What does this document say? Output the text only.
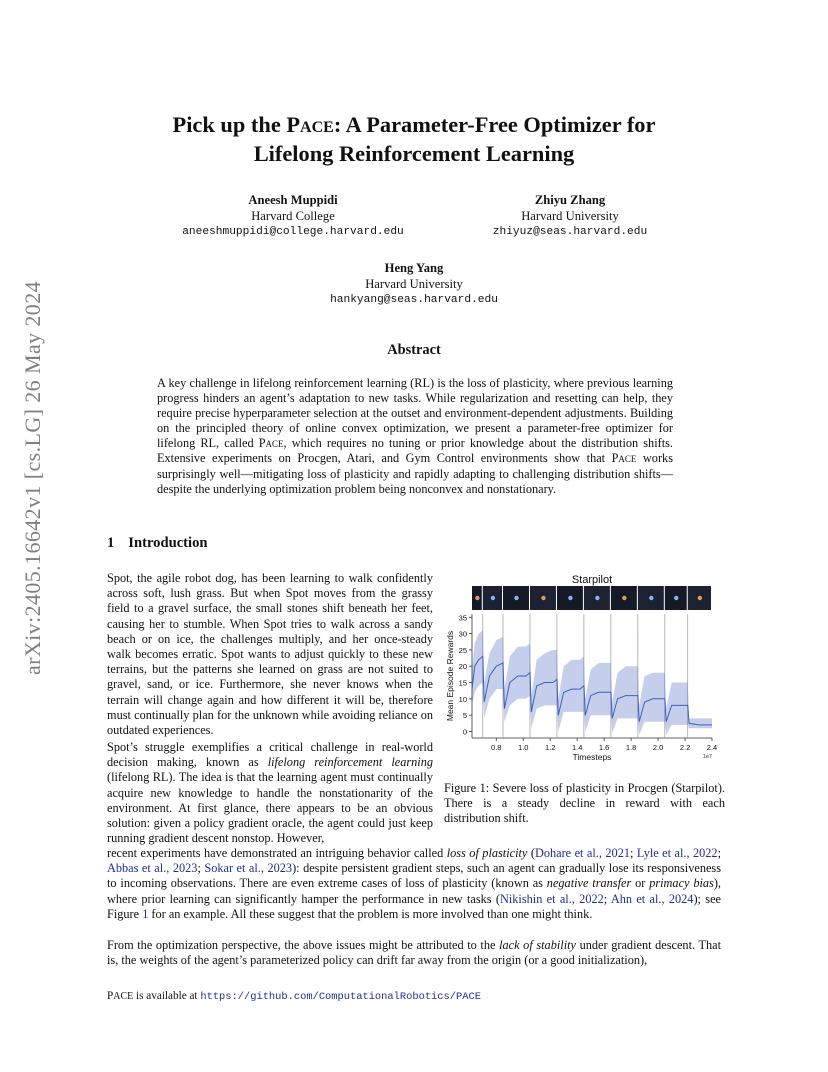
arXiv:2405.16642v1 [cs.LG] 26 May 2024
Pick up the Pace: A Parameter-Free Optimizer for
Lifelong Reinforcement Learning
Aneesh Muppidi
Harvard College
aneeshmuppidi@college.harvard.edu
Zhiyu Zhang
Harvard University
zhiyuz@seas.harvard.edu
Heng Yang
Harvard University
hankyang@seas.harvard.edu
Abstract
A key challenge in lifelong reinforcement learning (RL) is the loss of plasticity, where previous learning progress hinders an agent’s adaptation to new tasks. While regularization and resetting can help, they require precise hyperparameter selection at the outset and environment-dependent adjustments. Building on the principled theory of online convex optimization, we present a parameter-free optimizer for lifelong RL, called Pace, which requires no tuning or prior knowledge about the distribution shifts. Extensive experiments on Procgen, Atari, and Gym Control environments show that Pace works surprisingly well—mitigating loss of plasticity and rapidly adapting to challenging distribution shifts—despite the underlying optimization problem being nonconvex and nonstationary.
1 Introduction
Spot, the agile robot dog, has been learning to walk confidently across soft, lush grass. But when Spot moves from the grassy field to a gravel surface, the small stones shift beneath her feet, causing her to stumble. When Spot tries to walk across a sandy beach or on ice, the challenges multiply, and her once-steady walk becomes erratic. Spot wants to adjust quickly to these new terrains, but the patterns she learned on grass are not suited to gravel, sand, or ice. Furthermore, she never knows when the terrain will change again and how different it will be, therefore must continually plan for the unknown while avoiding reliance on outdated experiences.
Spot’s struggle exemplifies a critical challenge in real-world decision making, known as lifelong reinforcement learning (lifelong RL). The idea is that the learning agent must continually acquire new knowledge to handle the nonstationarity of the environment. At first glance, there appears to be an obvious solution: given a policy gradient oracle, the agent could just keep running gradient descent nonstop. However,
recent experiments have demonstrated an intriguing behavior called loss of plasticity (Dohare et al., 2021; Lyle et al., 2022; Abbas et al., 2023; Sokar et al., 2023): despite persistent gradient steps, such an agent can gradually lose its responsiveness to incoming observations. There are even extreme cases of loss of plasticity (known as negative transfer or primacy bias), where prior learning can significantly hamper the performance in new tasks (Nikishin et al., 2022; Ahn et al., 2024); see Figure 1 for an example. All these suggest that the problem is more involved than one might think.
From the optimization perspective, the above issues might be attributed to the lack of stability under gradient descent. That is, the weights of the agent’s parameterized policy can drift far away from the origin (or a good initialization),
Starpilot
0
5
10
15
20
25
30
35
0.8 1.0 1.2 1.4 1.6 1.8 2.0 2.2 2.4
1e7
Timesteps
Mean Episode Rewards
Figure 1: Severe loss of plasticity in Procgen (Starpilot). There is a steady decline in reward with each distribution shift.
PACE is available at https://github.com/ComputationalRobotics/PACE
